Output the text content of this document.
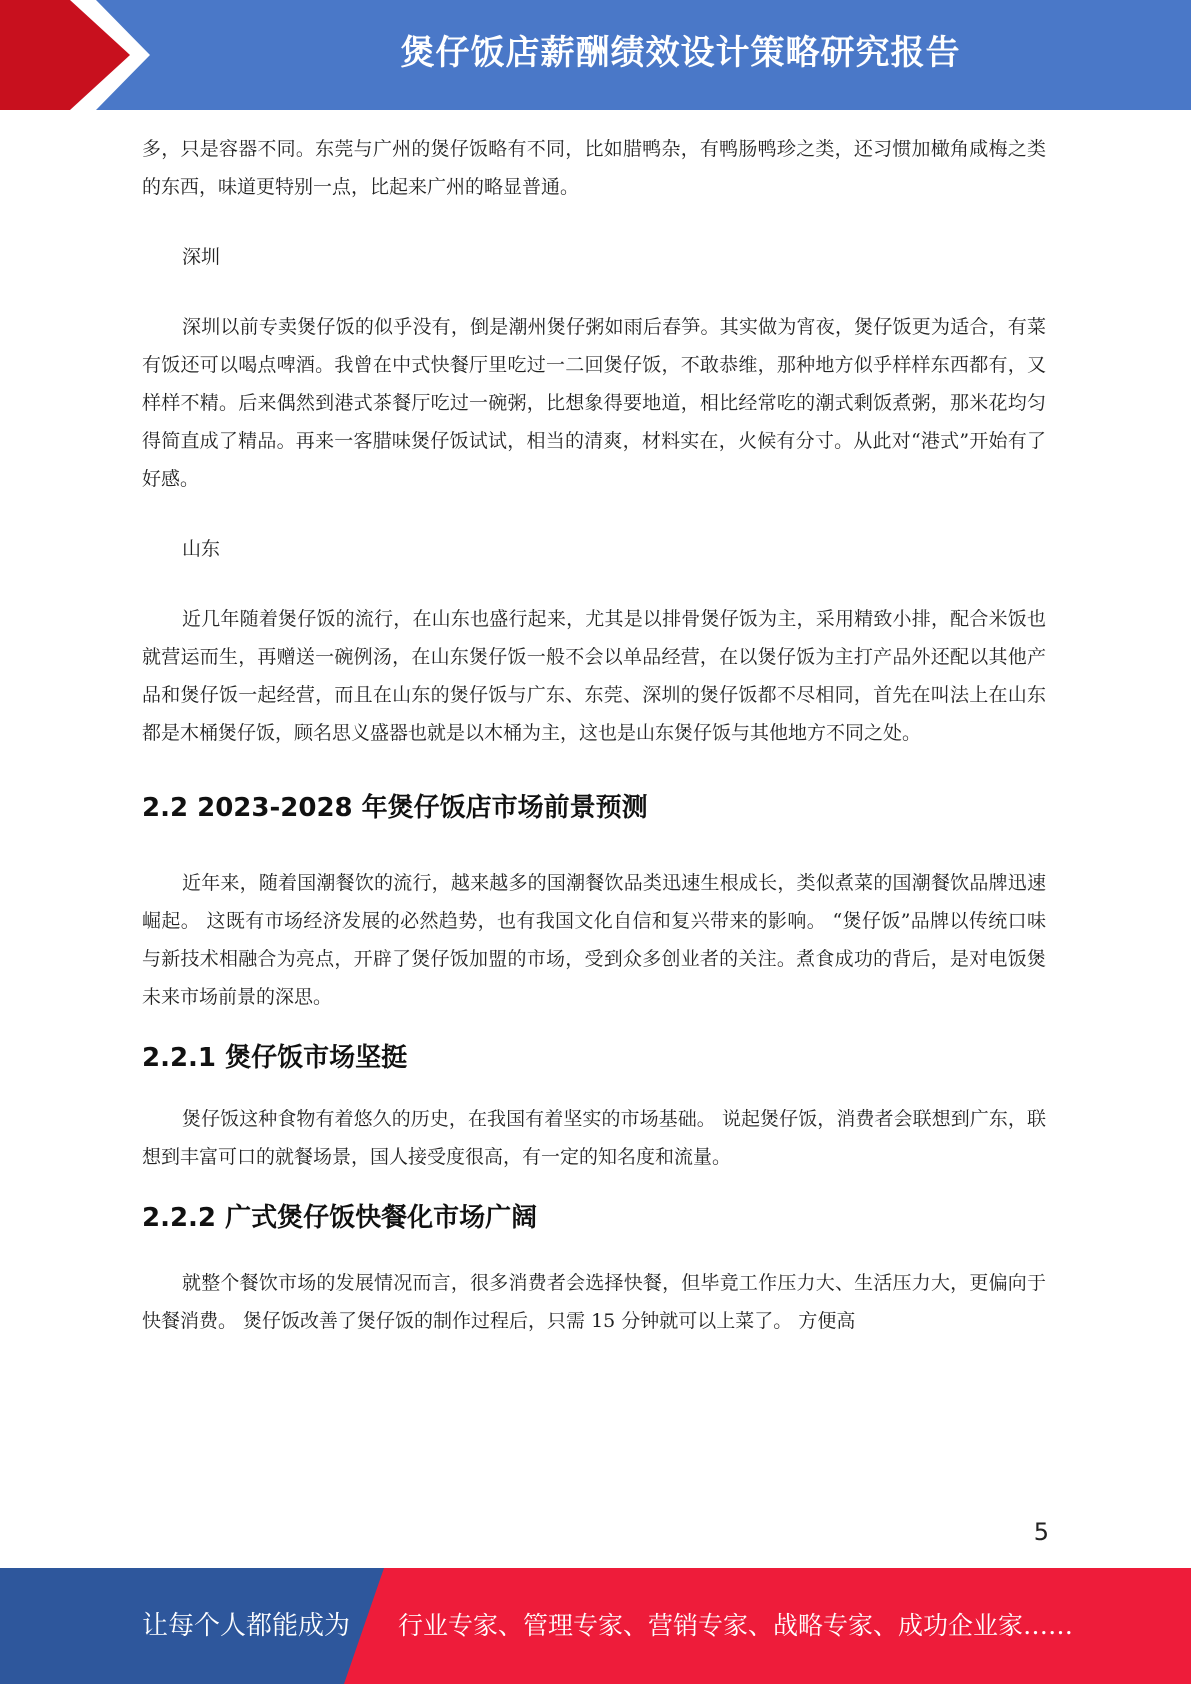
煲仔饭店薪酬绩效设计策略研究报告

多，只是容器不同。东莞与广州的煲仔饭略有不同，比如腊鸭杂，有鸭肠鸭珍之类，还习惯加橄角咸梅之类的东西，味道更特别一点，比起来广州的略显普通。

深圳

深圳以前专卖煲仔饭的似乎没有，倒是潮州煲仔粥如雨后春笋。其实做为宵夜，煲仔饭更为适合，有菜有饭还可以喝点啤酒。我曾在中式快餐厅里吃过一二回煲仔饭，不敢恭维，那种地方似乎样样东西都有，又样样不精。后来偶然到港式茶餐厅吃过一碗粥，比想象得要地道，相比经常吃的潮式剩饭煮粥，那米花均匀得简直成了精品。再来一客腊味煲仔饭试试，相当的清爽，材料实在，火候有分寸。从此对“港式”开始有了好感。

山东

近几年随着煲仔饭的流行，在山东也盛行起来，尤其是以排骨煲仔饭为主，采用精致小排，配合米饭也就营运而生，再赠送一碗例汤，在山东煲仔饭一般不会以单品经营，在以煲仔饭为主打产品外还配以其他产品和煲仔饭一起经营，而且在山东的煲仔饭与广东、东莞、深圳的煲仔饭都不尽相同，首先在叫法上在山东都是木桶煲仔饭，顾名思义盛器也就是以木桶为主，这也是山东煲仔饭与其他地方不同之处。

2.2 2023-2028 年煲仔饭店市场前景预测

近年来，随着国潮餐饮的流行，越来越多的国潮餐饮品类迅速生根成长，类似煮菜的国潮餐饮品牌迅速崛起。 这既有市场经济发展的必然趋势，也有我国文化自信和复兴带来的影响。 “煲仔饭”品牌以传统口味与新技术相融合为亮点，开辟了煲仔饭加盟的市场，受到众多创业者的关注。煮食成功的背后，是对电饭煲未来市场前景的深思。

2.2.1 煲仔饭市场坚挺

煲仔饭这种食物有着悠久的历史，在我国有着坚实的市场基础。 说起煲仔饭，消费者会联想到广东，联想到丰富可口的就餐场景，国人接受度很高，有一定的知名度和流量。

2.2.2 广式煲仔饭快餐化市场广阔

就整个餐饮市场的发展情况而言，很多消费者会选择快餐，但毕竟工作压力大、生活压力大，更偏向于快餐消费。 煲仔饭改善了煲仔饭的制作过程后，只需 15 分钟就可以上菜了。 方便高

5
让每个人都能成为 行业专家、管理专家、营销专家、战略专家、成功企业家……
